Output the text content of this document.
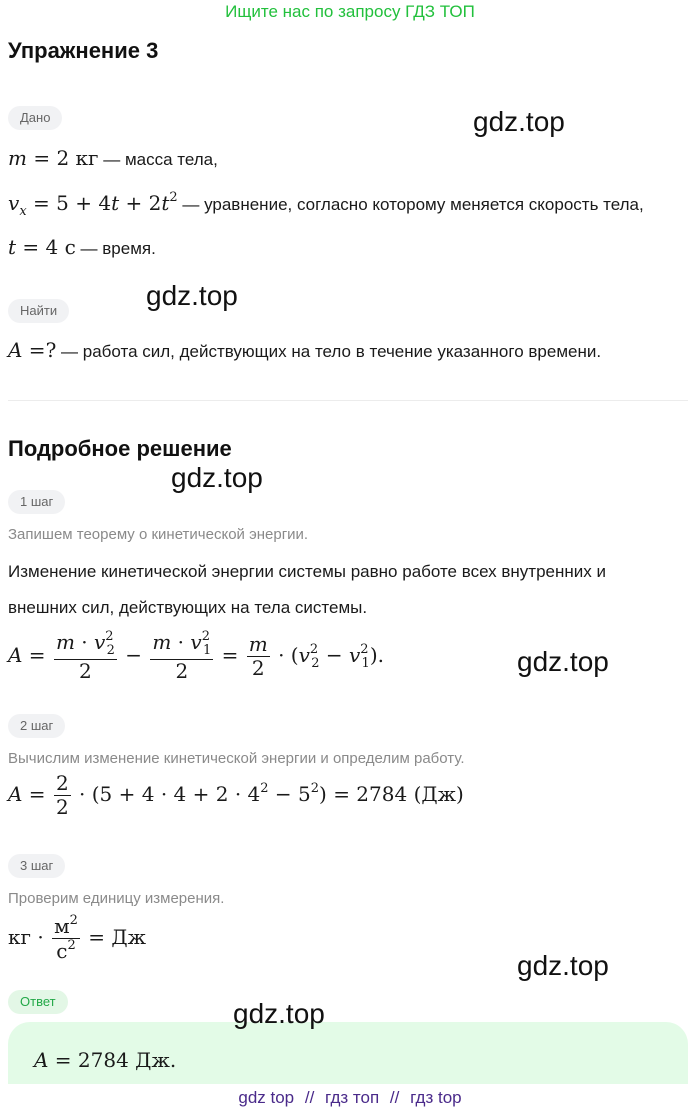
Ищите нас по запросу ГДЗ ТОП
Упражнение 3
Дано
m = 2 кг — масса тела,
$v_x = 5 + 4t + 2t^2$ — уравнение, согласно которому меняется скорость тела,
t = 4 с — время.
Найти
A =? — работа сил, действующих на тело в течение указанного времени.
Подробное решение
1 шаг
Запишем теорему о кинетической энергии.
Изменение кинетической энергии системы равно работе всех внутренних и
внешних сил, действующих на тела системы.
$A = \frac{m \cdot v^2_2}{2} - \frac{m \cdot v^2_1}{2} = \frac{m}{2} \cdot (v^2_2 - v^2_1)$.
2 шаг
Вычислим изменение кинетической энергии и определим работу.
$A = \frac{2}{2} \cdot (5 + 4 \cdot 4 + 2 \cdot 4^2 - 5^2) = 2784$ (Дж)
3 шаг
Проверим единицу измерения.
кг · $\frac{м^2}{с^2}$ = Дж
Ответ
A = 2784 Дж.
gdz.top
gdz.top
gdz.top
gdz.top
gdz.top
gdz.top
gdz top // гдз топ // гдз top
